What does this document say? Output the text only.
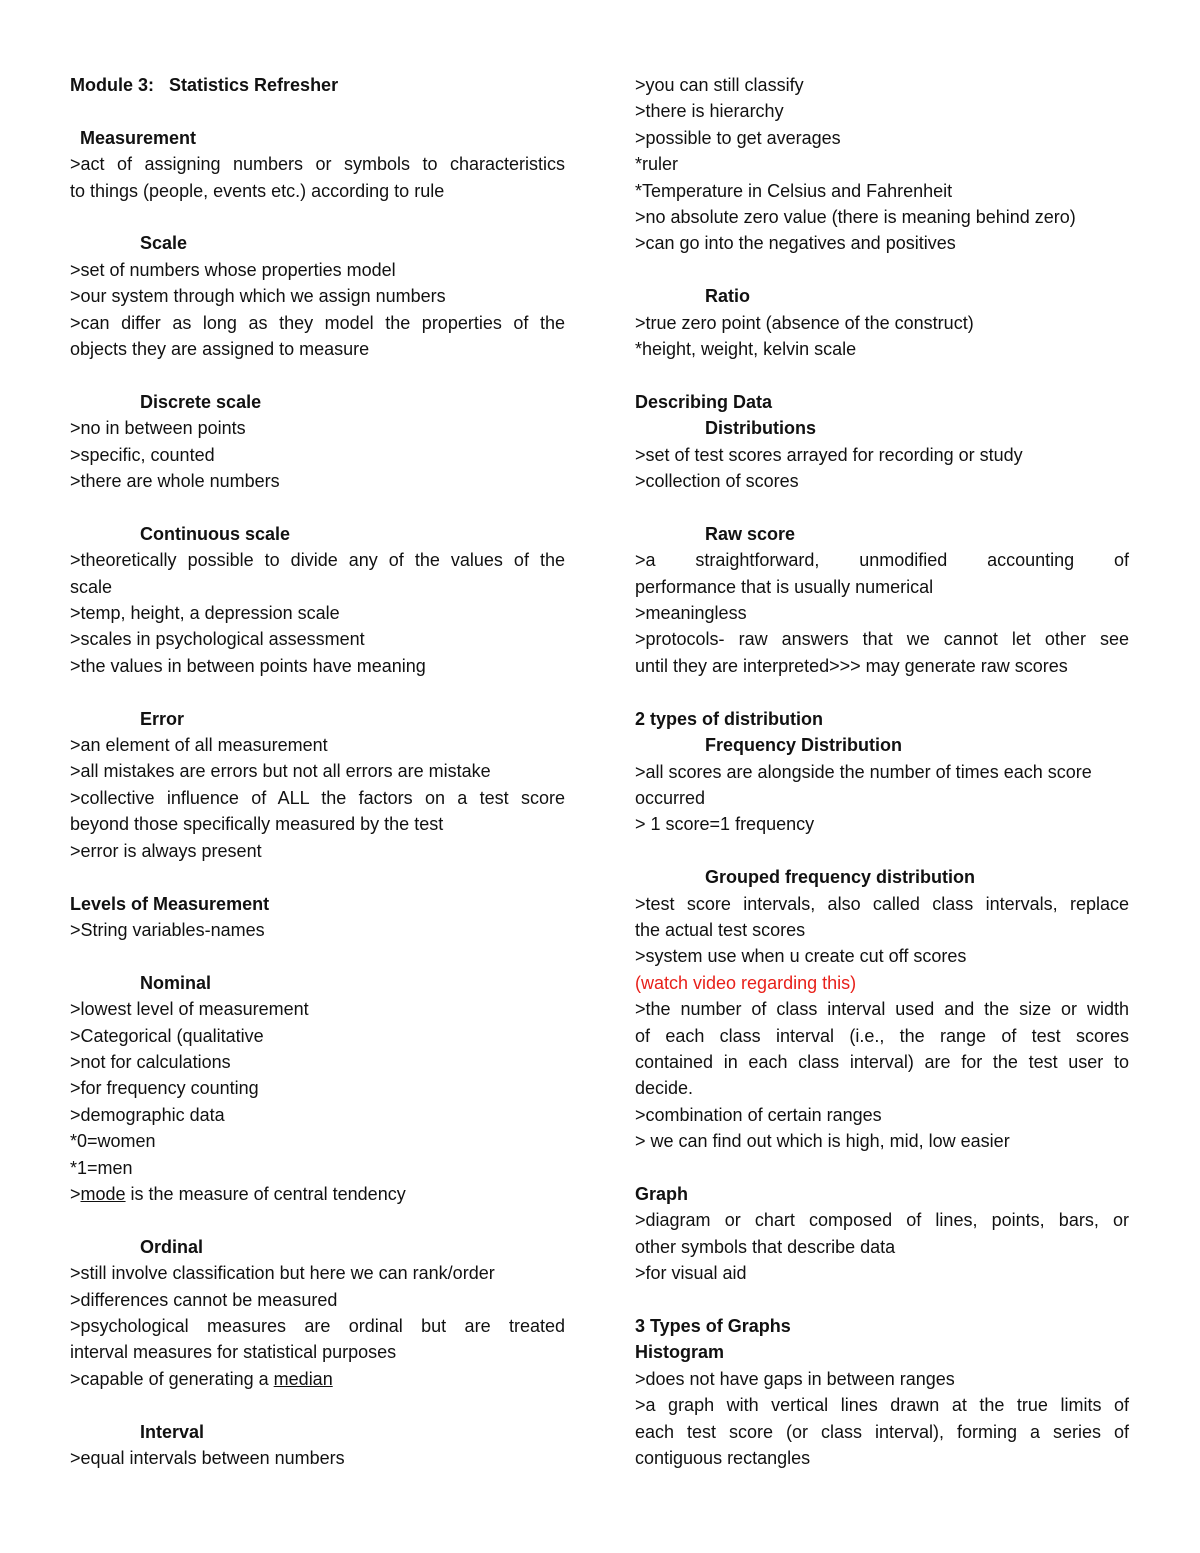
Module 3:   Statistics Refresher
Measurement
>act of assigning numbers or symbols to characteristics
to things (people, events etc.) according to rule
Scale
>set of numbers whose properties model
>our system through which we assign numbers
>can differ as long as they model the properties of the
objects they are assigned to measure
Discrete scale
>no in between points
>specific, counted
>there are whole numbers
Continuous scale
>theoretically possible to divide any of the values of the
scale
>temp, height, a depression scale
>scales in psychological assessment
>the values in between points have meaning
Error
>an element of all measurement
>all mistakes are errors but not all errors are mistake
>collective influence of ALL the factors on a test score
beyond those specifically measured by the test
>error is always present
Levels of Measurement
>String variables-names
Nominal
>lowest level of measurement
>Categorical (qualitative
>not for calculations
>for frequency counting
>demographic data
*0=women
*1=men
>mode is the measure of central tendency
Ordinal
>still involve classification but here we can rank/order
>differences cannot be measured
>psychological measures are ordinal but are treated
interval measures for statistical purposes
>capable of generating a median
Interval
>equal intervals between numbers
>you can still classify
>there is hierarchy
>possible to get averages
*ruler
*Temperature in Celsius and Fahrenheit
>no absolute zero value (there is meaning behind zero)
>can go into the negatives and positives
Ratio
>true zero point (absence of the construct)
*height, weight, kelvin scale
Describing Data
Distributions
>set of test scores arrayed for recording or study
>collection of scores
Raw score
>a straightforward, unmodified accounting of
performance that is usually numerical
>meaningless
>protocols- raw answers that we cannot let other see
until they are interpreted>>> may generate raw scores
2 types of distribution
Frequency Distribution
>all scores are alongside the number of times each score
occurred
> 1 score=1 frequency
Grouped frequency distribution
>test score intervals, also called class intervals, replace
the actual test scores
>system use when u create cut off scores
(watch video regarding this)
>the number of class interval used and the size or width
of each class interval (i.e., the range of test scores
contained in each class interval) are for the test user to
decide.
>combination of certain ranges
> we can find out which is high, mid, low easier
Graph
>diagram or chart composed of lines, points, bars, or
other symbols that describe data
>for visual aid
3 Types of Graphs
Histogram
>does not have gaps in between ranges
>a graph with vertical lines drawn at the true limits of
each test score (or class interval), forming a series of
contiguous rectangles
